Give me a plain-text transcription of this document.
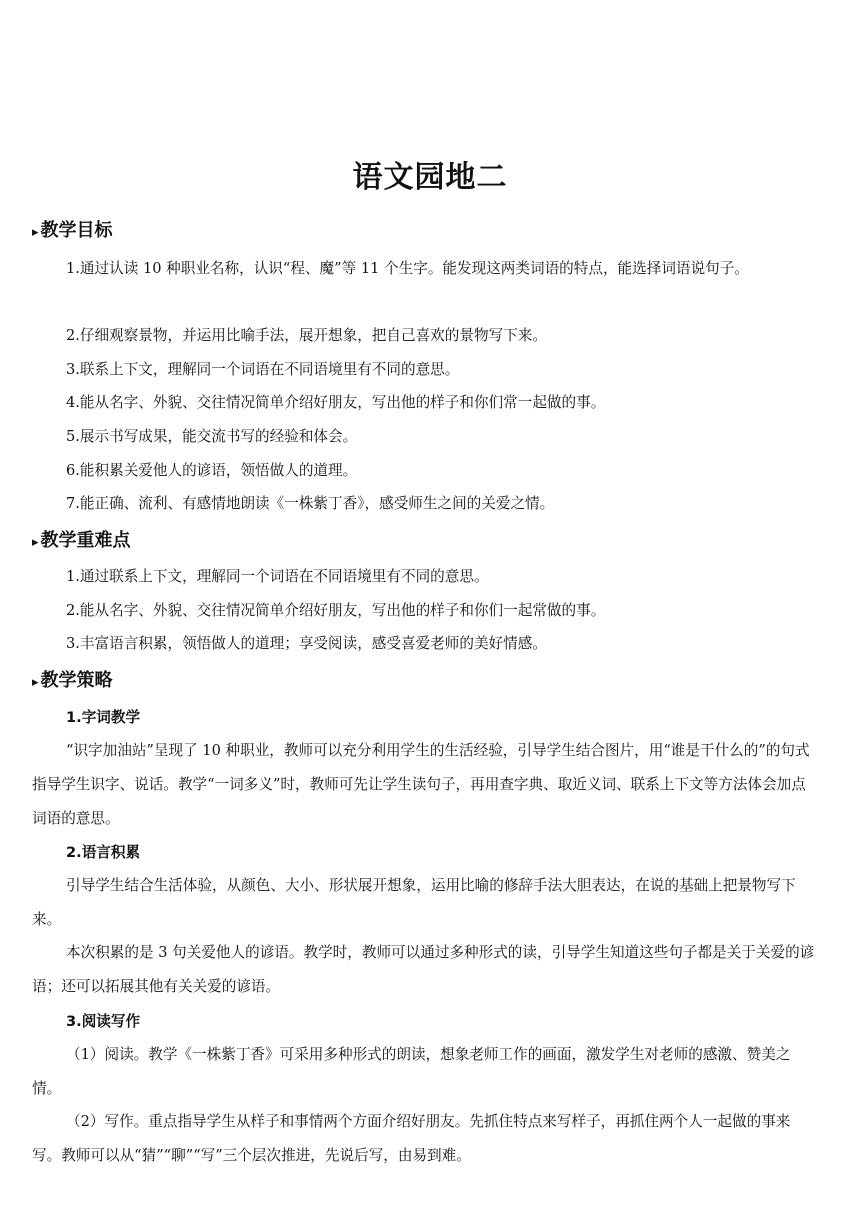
语文园地二
▸ 教学目标

1.通过认读 10 种职业名称，认识“程、魔”等 11 个生字。能发现这两类词语的特点，能选择词语说句子。

2.仔细观察景物，并运用比喻手法，展开想象，把自己喜欢的景物写下来。

3.联系上下文，理解同一个词语在不同语境里有不同的意思。

4.能从名字、外貌、交往情况简单介绍好朋友，写出他的样子和你们常一起做的事。

5.展示书写成果，能交流书写的经验和体会。

6.能积累关爱他人的谚语，领悟做人的道理。

7.能正确、流利、有感情地朗读《一株紫丁香》，感受师生之间的关爱之情。

▸ 教学重难点

1.通过联系上下文，理解同一个词语在不同语境里有不同的意思。

2.能从名字、外貌、交往情况简单介绍好朋友，写出他的样子和你们一起常做的事。

3.丰富语言积累，领悟做人的道理；享受阅读，感受喜爱老师的美好情感。

▸ 教学策略
1.字词教学

“识字加油站”呈现了 10 种职业，教师可以充分利用学生的生活经验，引导学生结合图片，用“谁是干什么的”的句式指导学生识字、说话。教学“一词多义”时，教师可先让学生读句子，再用查字典、取近义词、联系上下文等方法体会加点词语的意思。

2.语言积累

引导学生结合生活体验，从颜色、大小、形状展开想象，运用比喻的修辞手法大胆表达，在说的基础上把景物写下来。

本次积累的是 3 句关爱他人的谚语。教学时，教师可以通过多种形式的读，引导学生知道这些句子都是关于关爱的谚语；还可以拓展其他有关关爱的谚语。

3.阅读写作

（1）阅读。教学《一株紫丁香》可采用多种形式的朗读，想象老师工作的画面，激发学生对老师的感激、赞美之情。

（2）写作。重点指导学生从样子和事情两个方面介绍好朋友。先抓住特点来写样子，再抓住两个人一起做的事来写。教师可以从“猜”“聊”“写”三个层次推进，先说后写，由易到难。
